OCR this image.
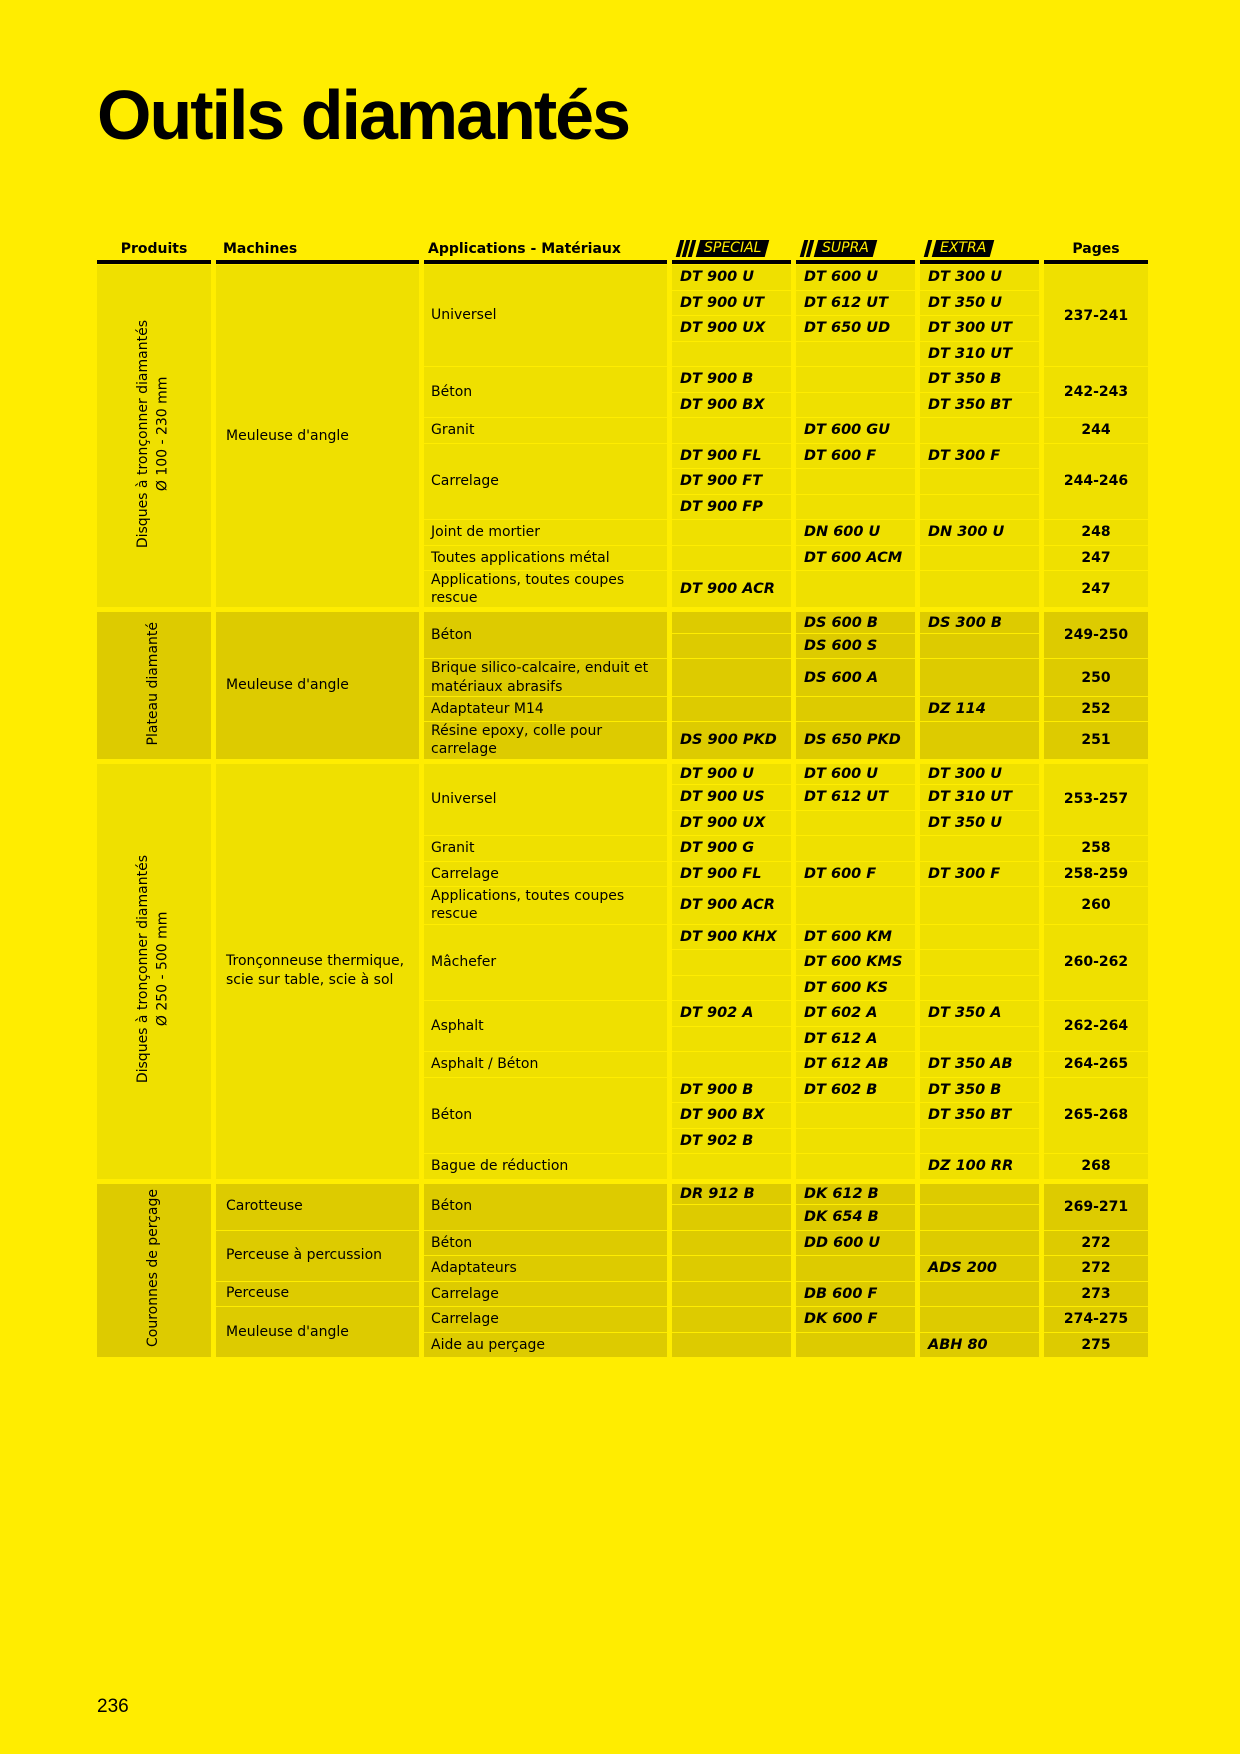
Outils diamantés
Produits	Machines	Applications - Matériaux	SPECIAL	SUPRA	EXTRA	Pages
Disques à tronçonner diamantés
Ø 100 - 230 mm	Meuleuse d'angle	Universel	DT 900 U	DT 600 U	DT 300 U	237-241
			DT 900 UT	DT 612 UT	DT 350 U	
			DT 900 UX	DT 650 UD	DT 300 UT	
					DT 310 UT	
		Béton	DT 900 B		DT 350 B	242-243
			DT 900 BX		DT 350 BT	
		Granit		DT 600 GU		244
		Carrelage	DT 900 FL	DT 600 F	DT 300 F	244-246
			DT 900 FT			
			DT 900 FP			
		Joint de mortier		DN 600 U	DN 300 U	248
		Toutes applications métal		DT 600 ACM		247
		Applications, toutes coupes rescue	DT 900 ACR			247
Plateau diamanté	Meuleuse d'angle	Béton		DS 600 B	DS 300 B	249-250
				DS 600 S		
		Brique silico-calcaire, enduit et matériaux abrasifs		DS 600 A		250
		Adaptateur M14			DZ 114	252
		Résine epoxy, colle pour carrelage	DS 900 PKD	DS 650 PKD		251
Disques à tronçonner diamantés
Ø 250 - 500 mm	Tronçonneuse thermique,
scie sur table, scie à sol	Universel	DT 900 U	DT 600 U	DT 300 U	253-257
			DT 900 US	DT 612 UT	DT 310 UT	
			DT 900 UX		DT 350 U	
		Granit	DT 900 G			258
		Carrelage	DT 900 FL	DT 600 F	DT 300 F	258-259
		Applications, toutes coupes rescue	DT 900 ACR			260
		Mâchefer	DT 900 KHX	DT 600 KM		260-262
				DT 600 KMS		
				DT 600 KS		
		Asphalt	DT 902 A	DT 602 A	DT 350 A	262-264
				DT 612 A		
		Asphalt / Béton		DT 612 AB	DT 350 AB	264-265
		Béton	DT 900 B	DT 602 B	DT 350 B	265-268
			DT 900 BX		DT 350 BT	
			DT 902 B			
		Bague de réduction			DZ 100 RR	268
Couronnes de perçage	Carotteuse	Béton	DR 912 B	DK 612 B		269-271
				DK 654 B		
	Perceuse à percussion	Béton		DD 600 U		272
		Adaptateurs			ADS 200	272
	Perceuse	Carrelage		DB 600 F		273
	Meuleuse d'angle	Carrelage		DK 600 F		274-275
		Aide au perçage			ABH 80	275
236
